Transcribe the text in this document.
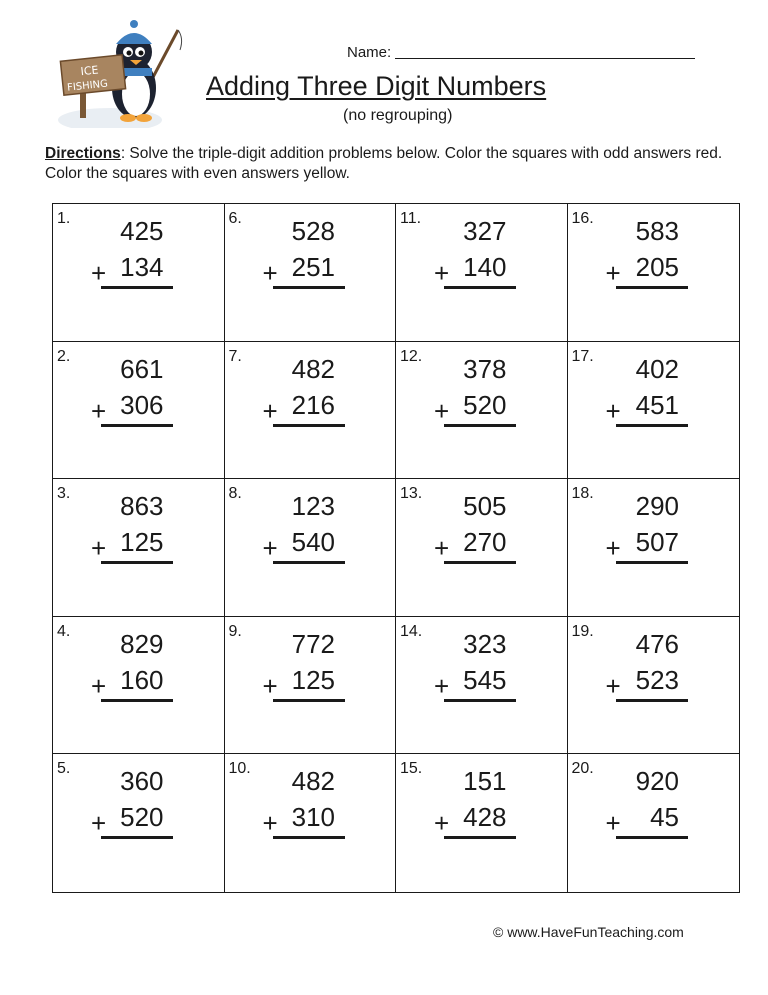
ICE
FISHING
Name:
Adding Three Digit Numbers
(no regrouping)
Directions: Solve the triple-digit addition problems below. Color the squares with odd answers red. Color the squares with even answers yellow.
1. 425
+ 134
6. 528
+ 251
11. 327
+ 140
16. 583
+ 205
2. 661
+ 306
7. 482
+ 216
12. 378
+ 520
17. 402
+ 451
3. 863
+ 125
8. 123
+ 540
13. 505
+ 270
18. 290
+ 507
4. 829
+ 160
9. 772
+ 125
14. 323
+ 545
19. 476
+ 523
5. 360
+ 520
10. 482
+ 310
15. 151
+ 428
20. 920
+ 45
© www.HaveFunTeaching.com
